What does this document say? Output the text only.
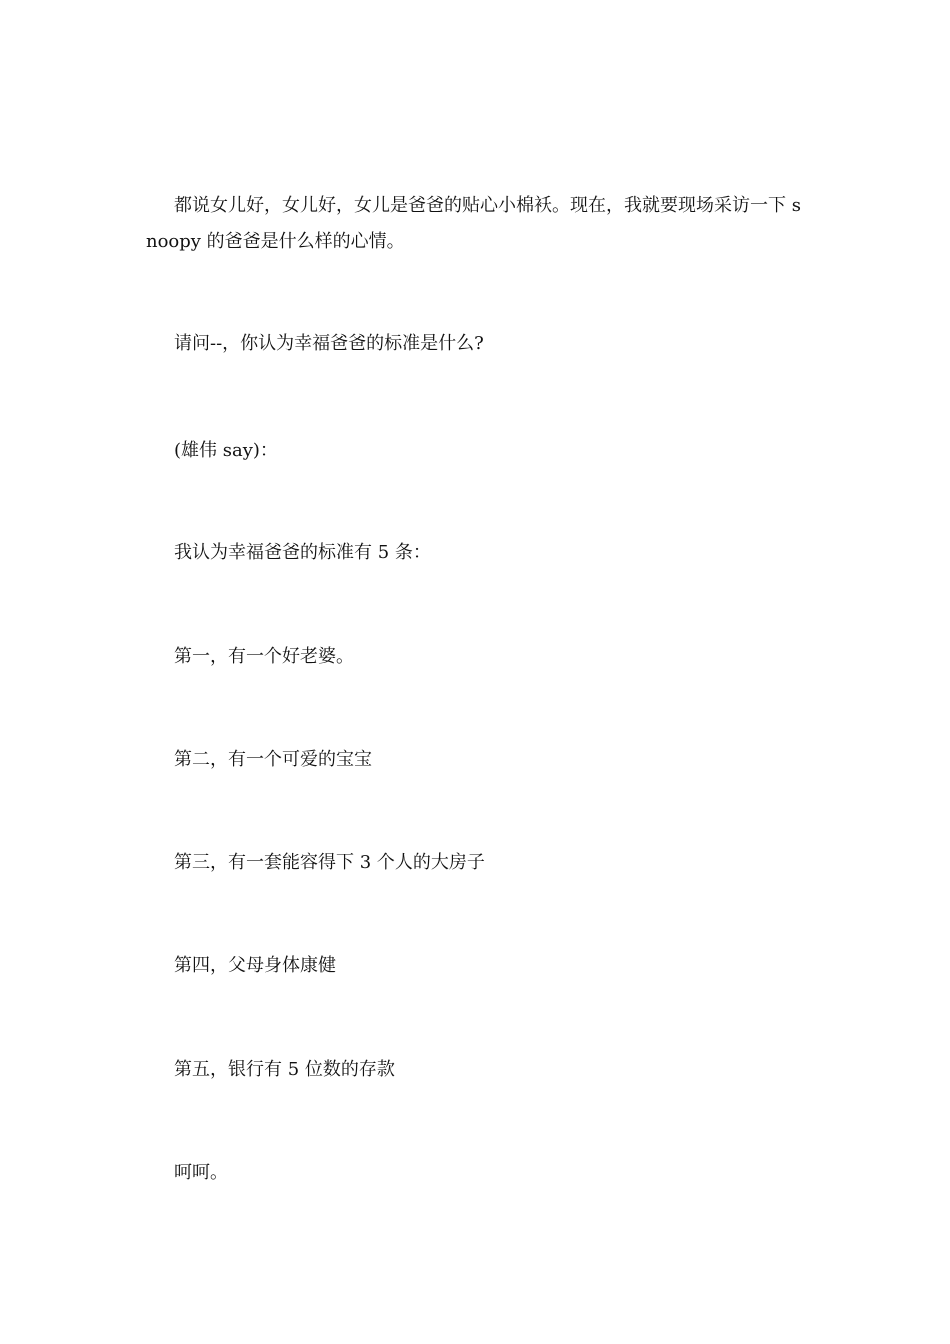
都说女儿好，女儿好，女儿是爸爸的贴心小棉袄。现在，我就要现场采访一下 snoopy 的爸爸是什么样的心情。

请问--，你认为幸福爸爸的标准是什么?

(雄伟 say)：

我认为幸福爸爸的标准有 5 条：

第一，有一个好老婆。

第二，有一个可爱的宝宝

第三，有一套能容得下 3 个人的大房子

第四，父母身体康健

第五，银行有 5 位数的存款

呵呵。
